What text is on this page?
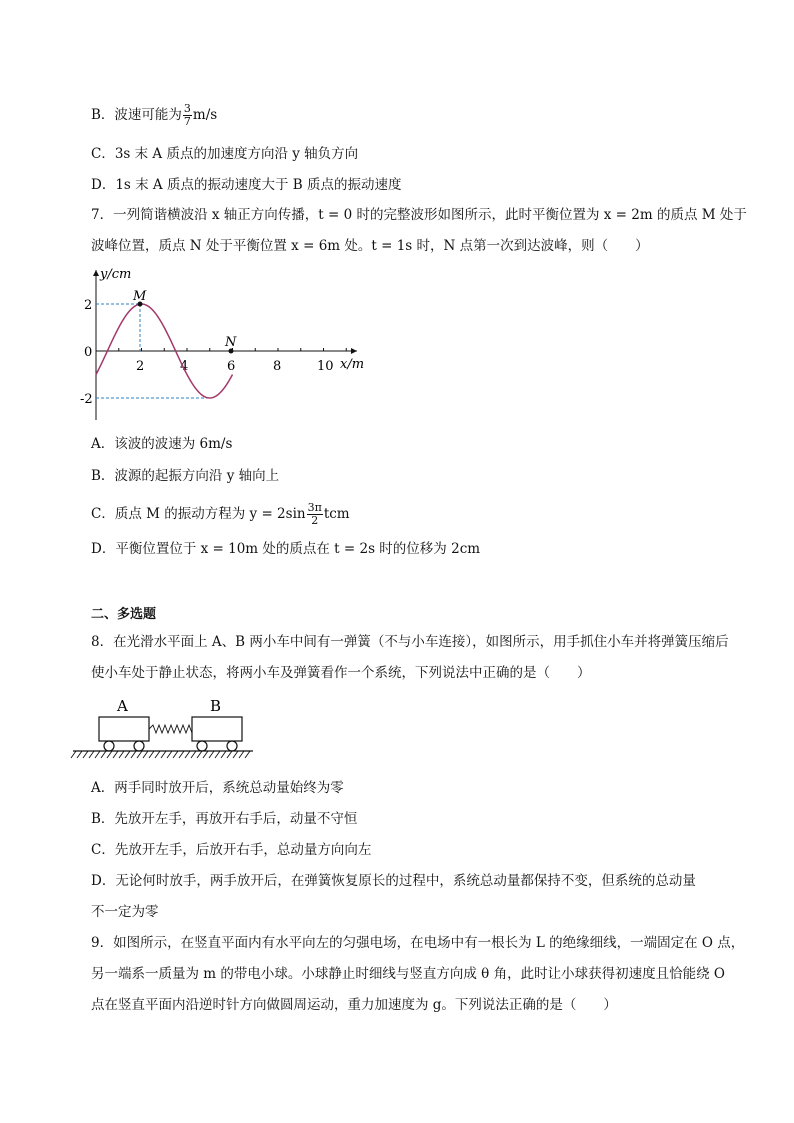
B．波速可能为 $\frac{3}{7} m/s$
C．3s 末 A 质点的加速度方向沿 y 轴负方向
D．1s 末 A 质点的振动速度大于 B 质点的振动速度
7．一列简谐横波沿 x 轴正方向传播，t = 0 时的完整波形如图所示，此时平衡位置为 x = 2m 的质点 M 处于
波峰位置，质点 N 处于平衡位置 x = 6m 处。t = 1s 时，N 点第一次到达波峰，则（　　）
y/cm
x/m
2
0
-2
2	4	6	8	10
M
N
A．该波的波速为 6m/s
B．波源的起振方向沿 y 轴向上
C．质点 M 的振动方程为 $y = 2\sin \frac{3\pi}{2}$ tcm
D．平衡位置位于 x = 10m 处的质点在 t = 2s 时的位移为 2cm
二、多选题
8．在光滑水平面上 A、B 两小车中间有一弹簧（不与小车连接），如图所示，用手抓住小车并将弹簧压缩后
使小车处于静止状态，将两小车及弹簧看作一个系统，下列说法中正确的是（　　）
A	B
A．两手同时放开后，系统总动量始终为零
B．先放开左手，再放开右手后，动量不守恒
C．先放开左手，后放开右手，总动量方向向左
D．无论何时放手，两手放开后，在弹簧恢复原长的过程中，系统总动量都保持不变，但系统的总动量
不一定为零
9．如图所示，在竖直平面内有水平向左的匀强电场，在电场中有一根长为 L 的绝缘细线，一端固定在 O 点，
另一端系一质量为 m 的带电小球。小球静止时细线与竖直方向成 θ 角，此时让小球获得初速度且恰能绕 O
点在竖直平面内沿逆时针方向做圆周运动，重力加速度为 g。下列说法正确的是（　　）
